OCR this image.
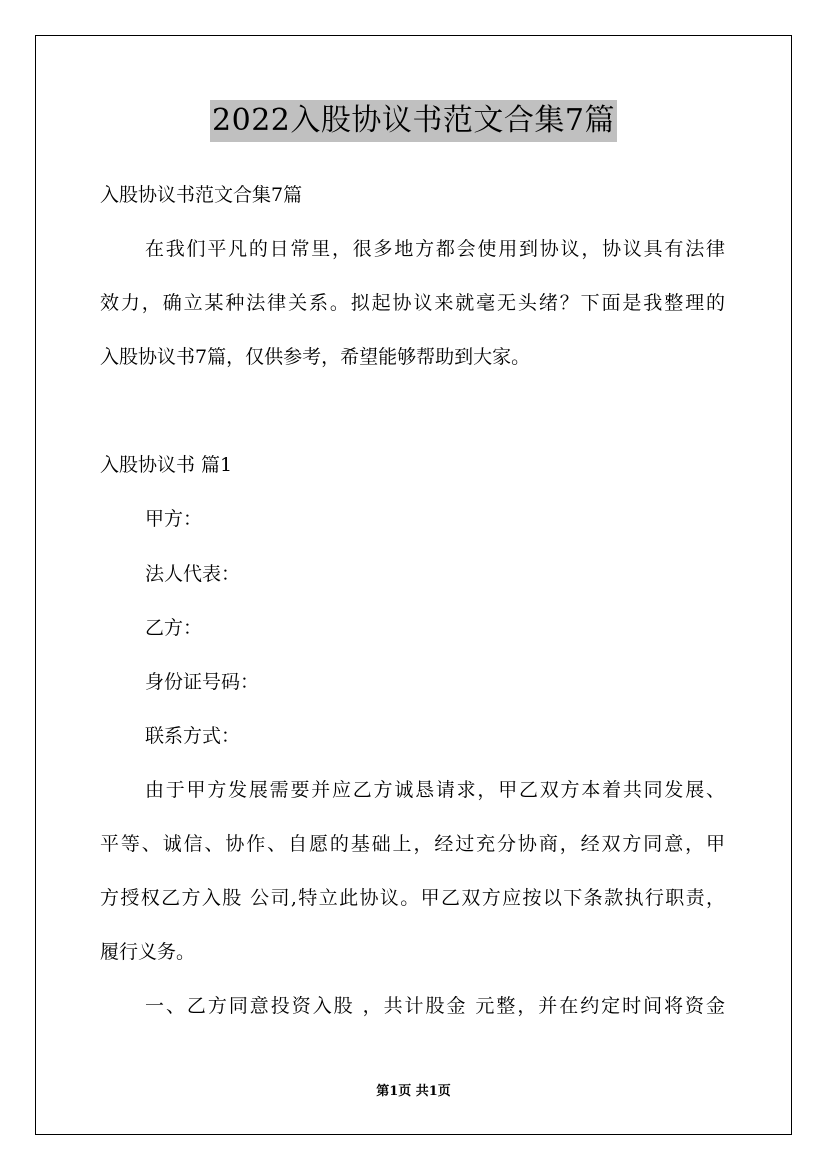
2022入股协议书范文合集7篇
入股协议书范文合集7篇
在我们平凡的日常里，很多地方都会使用到协议，协议具有法律
效力，确立某种法律关系。拟起协议来就毫无头绪？下面是我整理的
入股协议书7篇，仅供参考，希望能够帮助到大家。
入股协议书 篇1
甲方：
法人代表：
乙方：
身份证号码：
联系方式：
由于甲方发展需要并应乙方诚恳请求，甲乙双方本着共同发展、
平等、诚信、协作、自愿的基础上，经过充分协商，经双方同意，甲
方授权乙方入股 公司,特立此协议。甲乙双方应按以下条款执行职责，
履行义务。
一、乙方同意投资入股 ，共计股金 元整，并在约定时间将资金
第1页 共1页
